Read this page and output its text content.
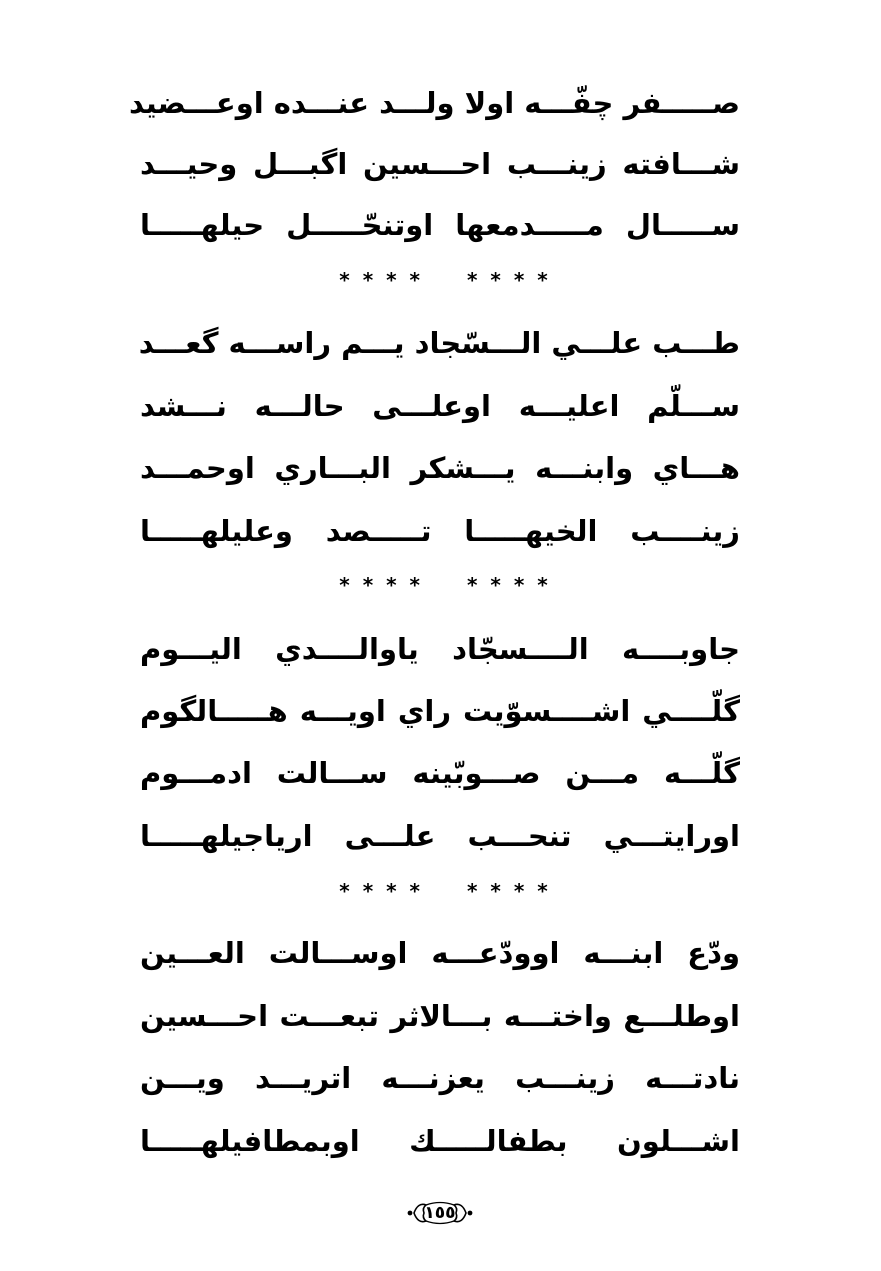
صـــــفر چفّـــه اولا ولـــد عنـــده اوعـــضيد
شـــافته زينـــب احـــسين اگبـــل وحيـــد
ســـــال مـــــدمعها اوتنحّـــــل حيلهـــــا
* * * * * * * *
طـــب علـــي الـــسّجاد يـــم راســـه گعـــد
ســـلّم اعليـــه اوعلـــى حالـــه نـــشد
هـــاي وابنـــه يـــشكر البـــاري اوحمـــد
زينــــب الخيهـــــا تـــــصد وعليلهـــــا
* * * * * * * *
جاوبــــه الــــسجّاد ياوالــــدي اليـــوم
گلّــــي اشــــسوّيت راي اويـــه هـــــالگوم
گلّـــه مـــن صـــوبّينه ســـالت ادمـــوم
اورايتـــي تنحـــب علـــى ارياجيلهـــــا
* * * * * * * *
ودّع ابنـــه اوودّعـــه اوســـالت العـــين
اوطلـــع واختـــه بـــالاثر تبعـــت احـــسين
نادتـــه زينـــب يعزنـــه اتريـــد ويـــن
اشـــلون بطفالـــــك اوبمطافيلهـــــا
١٥٥
